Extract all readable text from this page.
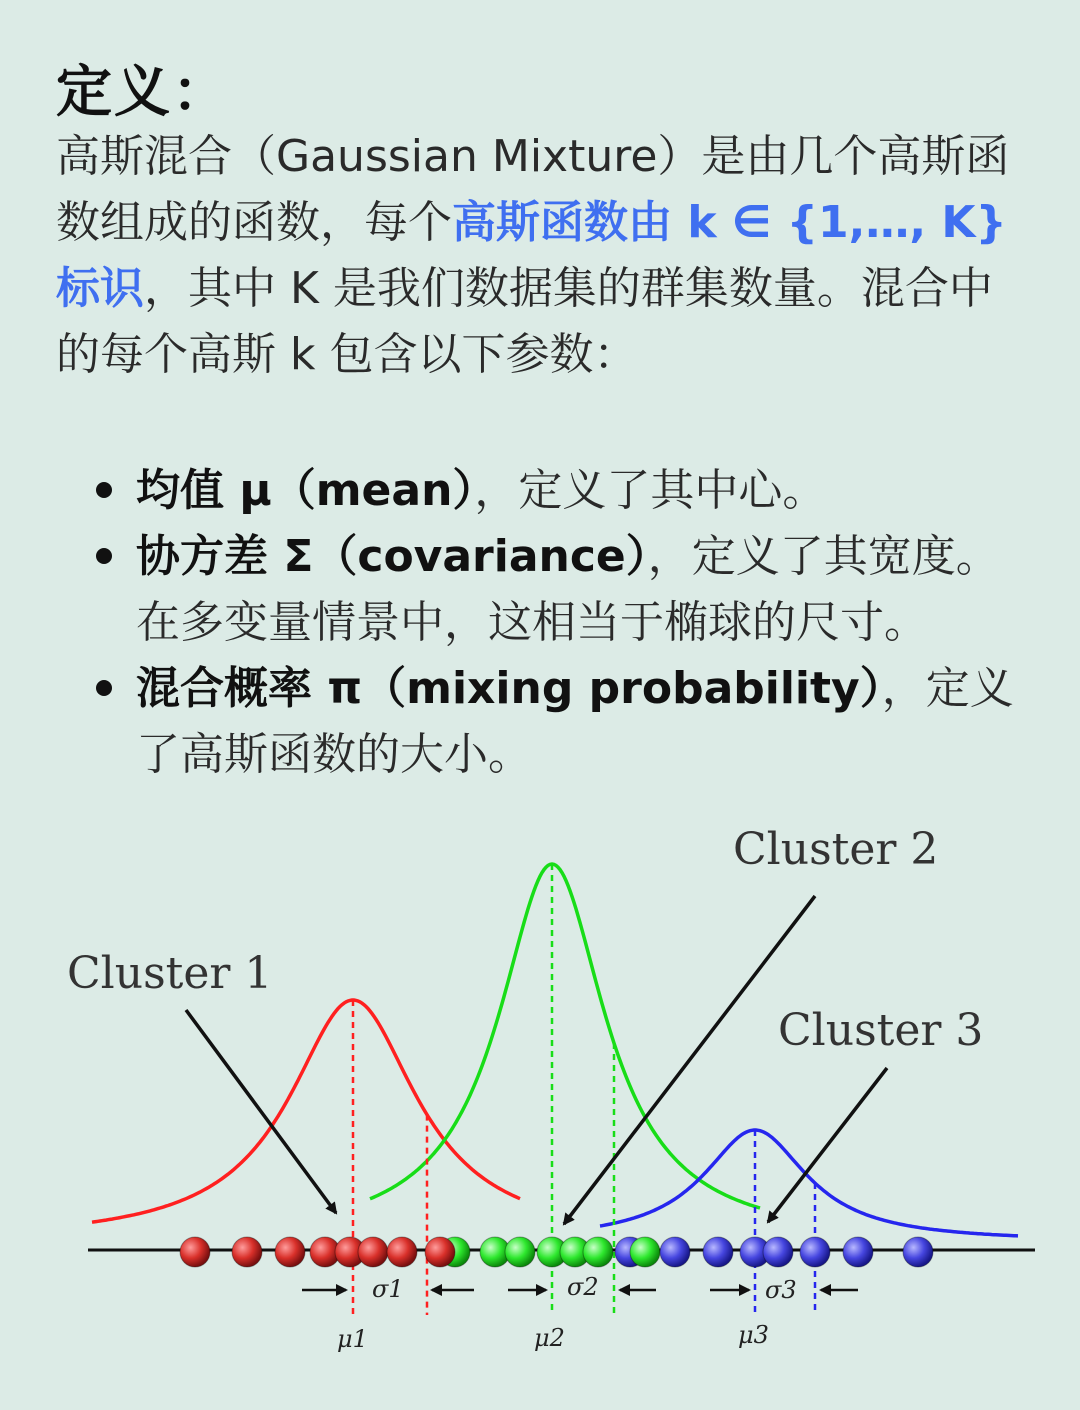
定义：
高斯混合（Gaussian Mixture）是由几个高斯函数组成的函数，每个高斯函数由 k ∈ {1,…, K} 标识，其中 K 是我们数据集的群集数量。混合中的每个高斯 k 包含以下参数：
均值 μ（mean），定义了其中心。
协方差 Σ（covariance），定义了其宽度。在多变量情景中，这相当于椭球的尺寸。
混合概率 π（mixing probability），定义了高斯函数的大小。
Cluster 1
Cluster 2
Cluster 3
σ1
μ1
σ2
μ2
σ3
μ3
